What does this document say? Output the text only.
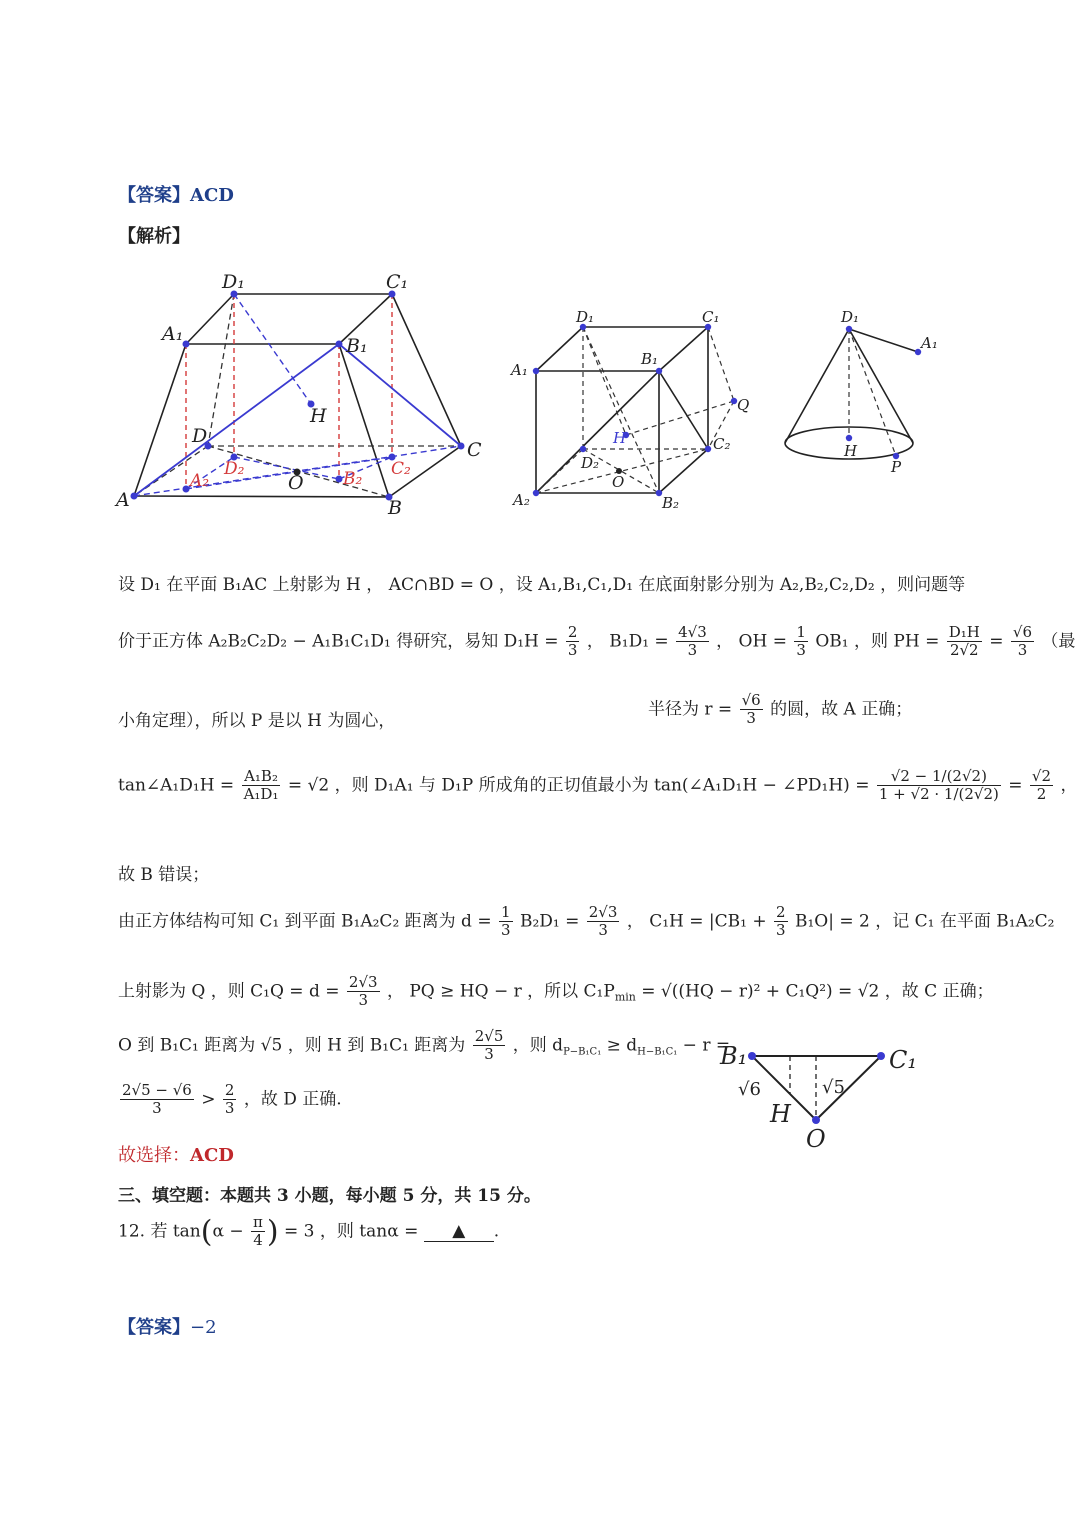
【答案】ACD
【解析】
D₁	C₁
A₁
B₁
H
D
C
A	B
O
A₂
D₂	B₂ C₂
D₁	C₁
A₁
B₁
Q
C₂
D₂
O
A₂	B₂
H
D₁
A₁
H
P
设 D₁ 在平面 B₁AC 上射影为 H ， AC∩BD = O ，设 A₁,B₁,C₁,D₁ 在底面射影分别为 A₂,B₂,C₂,D₂ ，则问题等
价于正方体 A₂B₂C₂D₂ − A₁B₁C₁D₁ 得研究，易知 $D_1H = \frac{2}{3}$ ， $B_1D_1 = \frac{4√3}{3}$ ， OH = $\frac{1}{3} OB_1$ ，则 PH = $\frac{\text{D₁H}}{2√2} = \frac{√6}{3}$ （最
小角定理），所以 P 是以 H 为圆心，
半径为 $r = \frac{√6}{3}$ 的圆，故 A 正确；
tan∠A₁D₁H = $\frac{\text{A₁B₂}}{\text{A₁D₁}} = √2$ ，则 D₁A₁ 与 D₁P 所成角的正切值最小为 tan(∠A₁D₁H − ∠PD₁H) = $\frac{√2 - 1/(2√2)}{1 + √2 \cdot 1/(2√2)} = \frac{√2}{2}$ ，
故 B 错误；
由正方体结构可知 C₁ 到平面 B₁A₂C₂ 距离为 $d = \frac{1}{3} B_2D_1 = \frac{2√3}{3}$ ， $C_1H = |CB_1 + \frac{2}{3} B_1O| = 2$ ，记 C₁ 在平面 B₁A₂C₂
上射影为 Q ，则 $C_1Q = d = \frac{2√3}{3}$ ， PQ ≥ HQ − r ，所以 $C_1P_{min} = √((HQ - r)^2 + C_1Q^2) = √2$ ，故 C 正确；
O 到 B₁C₁ 距离为 √5 ，则 H 到 B₁C₁ 距离为 $\frac{2√5}{3}$ ，则 $d_{P-B_1C_1} \ge d_{H-B_1C_1} - r$ =
$\frac{2√5 - √6}{3} > \frac{2}{3}$ ，故 D 正确.
B₁	C₁
√6	√5
H
O
故选择：ACD
三、填空题：本题共 3 小题，每小题 5 分，共 15 分。
12. 若 $\tan(\alpha - \frac{\pi}{4}$ ) = 3 ，则 tanα = ▲ .
【答案】−2
